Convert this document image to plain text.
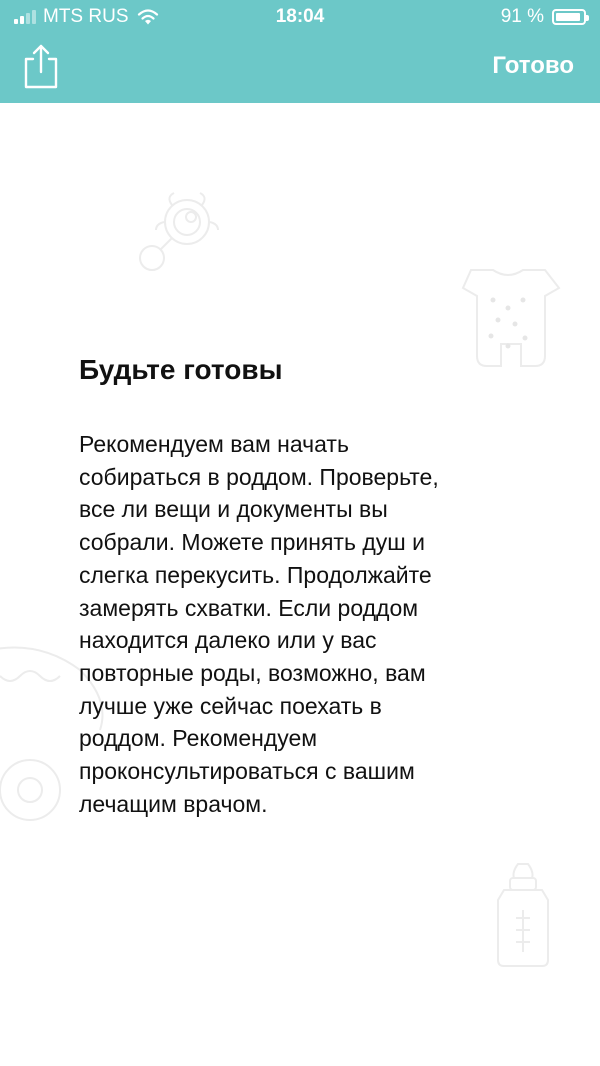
MTS RUS	18:04	91 %
Готово
Будьте готовы

Рекомендуем вам начать
собираться в роддом. Проверьте,
все ли вещи и документы вы
собрали. Можете принять душ и
слегка перекусить. Продолжайте
замерять схватки. Если роддом
находится далеко или у вас
повторные роды, возможно, вам
лучше уже сейчас поехать в
роддом. Рекомендуем
проконсультироваться с вашим
лечащим врачом.
